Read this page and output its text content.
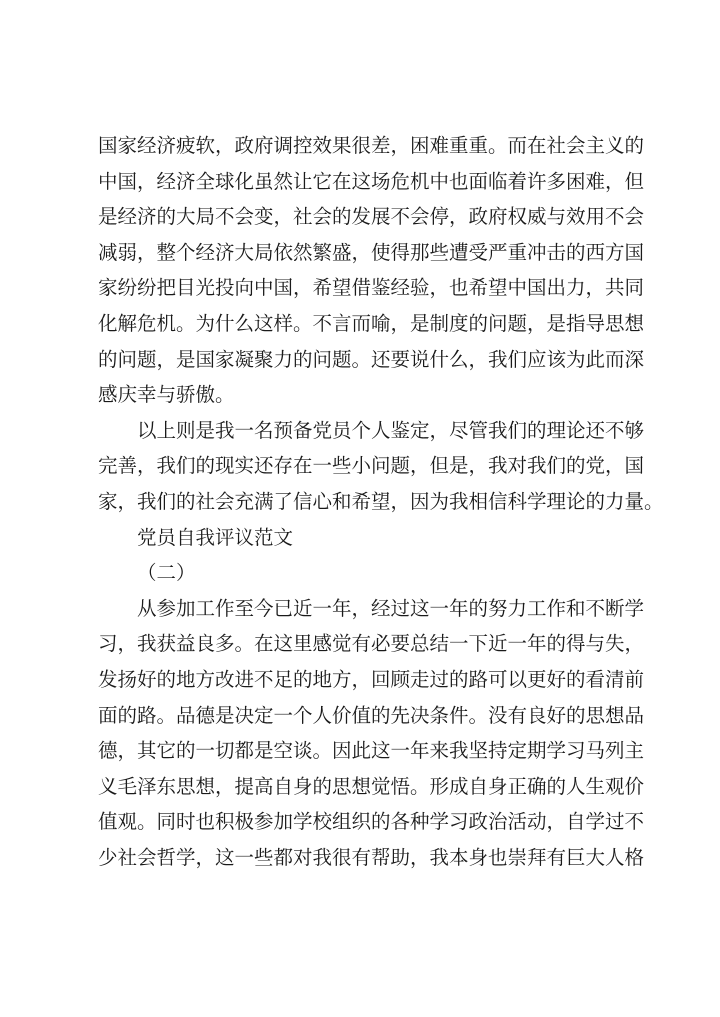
国家经济疲软，政府调控效果很差，困难重重。而在社会主义的
中国，经济全球化虽然让它在这场危机中也面临着许多困难，但
是经济的大局不会变，社会的发展不会停，政府权威与效用不会
减弱，整个经济大局依然繁盛，使得那些遭受严重冲击的西方国
家纷纷把目光投向中国，希望借鉴经验，也希望中国出力，共同
化解危机。为什么这样。不言而喻，是制度的问题，是指导思想
的问题，是国家凝聚力的问题。还要说什么，我们应该为此而深
感庆幸与骄傲。
以上则是我一名预备党员个人鉴定，尽管我们的理论还不够
完善，我们的现实还存在一些小问题，但是，我对我们的党，国
家，我们的社会充满了信心和希望，因为我相信科学理论的力量。
党员自我评议范文
（二）
从参加工作至今已近一年，经过这一年的努力工作和不断学
习，我获益良多。在这里感觉有必要总结一下近一年的得与失，
发扬好的地方改进不足的地方，回顾走过的路可以更好的看清前
面的路。品德是决定一个人价值的先决条件。没有良好的思想品
德，其它的一切都是空谈。因此这一年来我坚持定期学习马列主
义毛泽东思想，提高自身的思想觉悟。形成自身正确的人生观价
值观。同时也积极参加学校组织的各种学习政治活动，自学过不
少社会哲学，这一些都对我很有帮助，我本身也崇拜有巨大人格
